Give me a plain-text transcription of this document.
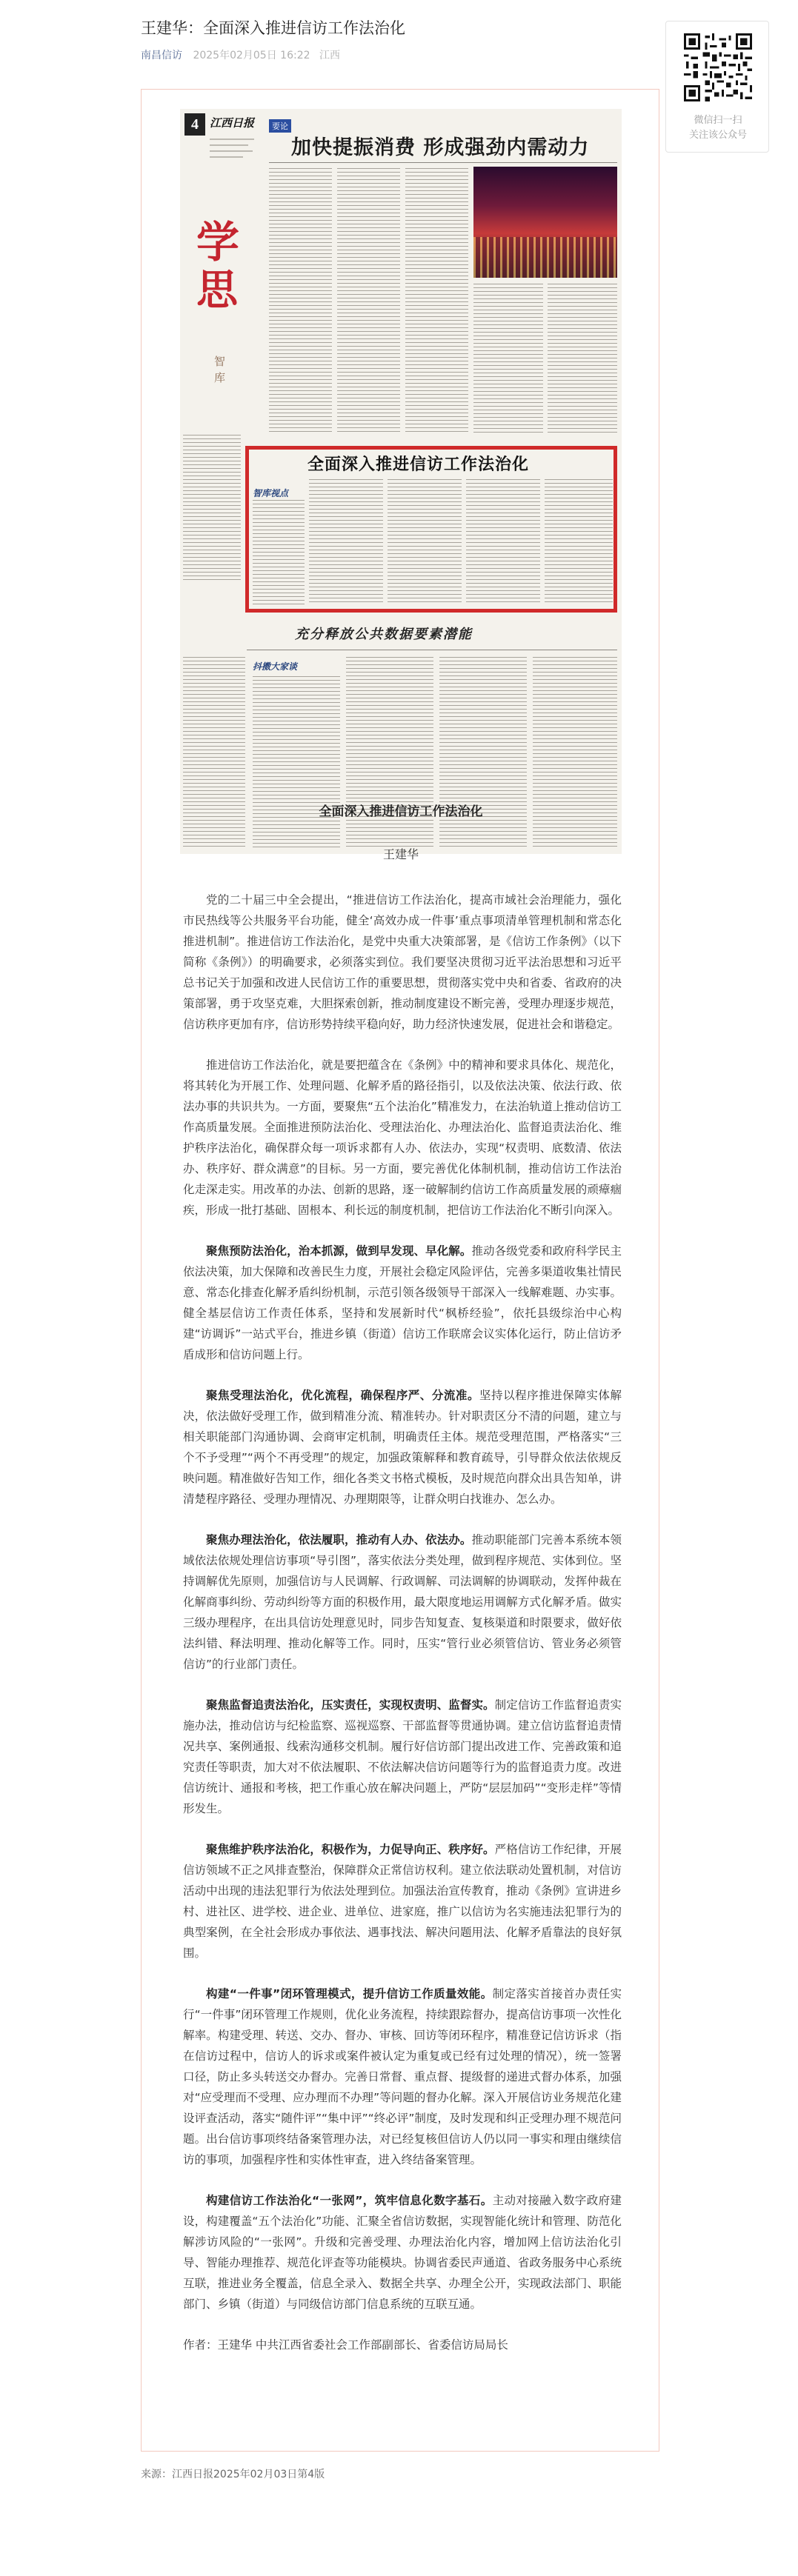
王建华：全面深入推进信访工作法治化
南昌信访 2025年02月05日 16:22 江西
微信扫一扫
关注该公众号
4	江西日报
学
思
智库
要论
加快提振消费 形成强劲内需动力
全面深入推进信访工作法治化
智库视点
充分释放公共数据要素潜能
抖擞大家谈
全面深入推进信访工作法治化
王建华

党的二十届三中全会提出，“推进信访工作法治化，提高市域社会治理能力，强化市民热线等公共服务平台功能，健全‘高效办成一件事’重点事项清单管理机制和常态化推进机制”。推进信访工作法治化，是党中央重大决策部署，是《信访工作条例》（以下简称《条例》）的明确要求，必须落实到位。我们要坚决贯彻习近平法治思想和习近平总书记关于加强和改进人民信访工作的重要思想，贯彻落实党中央和省委、省政府的决策部署，勇于攻坚克难，大胆探索创新，推动制度建设不断完善，受理办理逐步规范，信访秩序更加有序，信访形势持续平稳向好，助力经济快速发展，促进社会和谐稳定。

推进信访工作法治化，就是要把蕴含在《条例》中的精神和要求具体化、规范化，将其转化为开展工作、处理问题、化解矛盾的路径指引，以及依法决策、依法行政、依法办事的共识共为。一方面，要聚焦“五个法治化”精准发力，在法治轨道上推动信访工作高质量发展。全面推进预防法治化、受理法治化、办理法治化、监督追责法治化、维护秩序法治化，确保群众每一项诉求都有人办、依法办，实现“权责明、底数清、依法办、秩序好、群众满意”的目标。另一方面，要完善优化体制机制，推动信访工作法治化走深走实。用改革的办法、创新的思路，逐一破解制约信访工作高质量发展的顽瘴痼疾，形成一批打基础、固根本、利长远的制度机制，把信访工作法治化不断引向深入。

聚焦预防法治化，治本抓源，做到早发现、早化解。推动各级党委和政府科学民主依法决策，加大保障和改善民生力度，开展社会稳定风险评估，完善多渠道收集社情民意、常态化排查化解矛盾纠纷机制，示范引领各级领导干部深入一线解难题、办实事。健全基层信访工作责任体系，坚持和发展新时代“枫桥经验”，依托县级综治中心构建“访调诉”一站式平台，推进乡镇（街道）信访工作联席会议实体化运行，防止信访矛盾成形和信访问题上行。

聚焦受理法治化，优化流程，确保程序严、分流准。坚持以程序推进保障实体解决，依法做好受理工作，做到精准分流、精准转办。针对职责区分不清的问题，建立与相关职能部门沟通协调、会商审定机制，明确责任主体。规范受理范围，严格落实“三个不予受理”“两个不再受理”的规定，加强政策解释和教育疏导，引导群众依法依规反映问题。精准做好告知工作，细化各类文书格式模板，及时规范向群众出具告知单，讲清楚程序路径、受理办理情况、办理期限等，让群众明白找谁办、怎么办。

聚焦办理法治化，依法履职，推动有人办、依法办。推动职能部门完善本系统本领域依法依规处理信访事项“导引图”，落实依法分类处理，做到程序规范、实体到位。坚持调解优先原则，加强信访与人民调解、行政调解、司法调解的协调联动，发挥仲裁在化解商事纠纷、劳动纠纷等方面的积极作用，最大限度地运用调解方式化解矛盾。做实三级办理程序，在出具信访处理意见时，同步告知复查、复核渠道和时限要求，做好依法纠错、释法明理、推动化解等工作。同时，压实“管行业必须管信访、管业务必须管信访”的行业部门责任。

聚焦监督追责法治化，压实责任，实现权责明、监督实。制定信访工作监督追责实施办法，推动信访与纪检监察、巡视巡察、干部监督等贯通协调。建立信访监督追责情况共享、案例通报、线索沟通移交机制。履行好信访部门提出改进工作、完善政策和追究责任等职责，加大对不依法履职、不依法解决信访问题等行为的监督追责力度。改进信访统计、通报和考核，把工作重心放在解决问题上，严防“层层加码”“变形走样”等情形发生。

聚焦维护秩序法治化，积极作为，力促导向正、秩序好。严格信访工作纪律，开展信访领域不正之风排查整治，保障群众正常信访权利。建立依法联动处置机制，对信访活动中出现的违法犯罪行为依法处理到位。加强法治宣传教育，推动《条例》宣讲进乡村、进社区、进学校、进企业、进单位、进家庭，推广以信访为名实施违法犯罪行为的典型案例，在全社会形成办事依法、遇事找法、解决问题用法、化解矛盾靠法的良好氛围。

构建“一件事”闭环管理模式，提升信访工作质量效能。制定落实首接首办责任实行“一件事”闭环管理工作规则，优化业务流程，持续跟踪督办，提高信访事项一次性化解率。构建受理、转送、交办、督办、审核、回访等闭环程序，精准登记信访诉求（指在信访过程中，信访人的诉求或案件被认定为重复或已经有过处理的情况），统一签署口径，防止多头转送交办督办。完善日常督、重点督、提级督的递进式督办体系，加强对“应受理而不受理、应办理而不办理”等问题的督办化解。深入开展信访业务规范化建设评查活动，落实“随件评”“集中评”“终必评”制度，及时发现和纠正受理办理不规范问题。出台信访事项终结备案管理办法，对已经复核但信访人仍以同一事实和理由继续信访的事项，加强程序性和实体性审查，进入终结备案管理。

构建信访工作法治化“一张网”，筑牢信息化数字基石。主动对接融入数字政府建设，构建覆盖“五个法治化”功能、汇聚全省信访数据，实现智能化统计和管理、防范化解涉访风险的“一张网”。升级和完善受理、办理法治化内容，增加网上信访法治化引导、智能办理推荐、规范化评查等功能模块。协调省委民声通道、省政务服务中心系统互联，推进业务全覆盖，信息全录入、数据全共享、办理全公开，实现政法部门、职能部门、乡镇（街道）与同级信访部门信息系统的互联互通。

作者：王建华 中共江西省委社会工作部副部长、省委信访局局长

来源：江西日报2025年02月03日第4版
